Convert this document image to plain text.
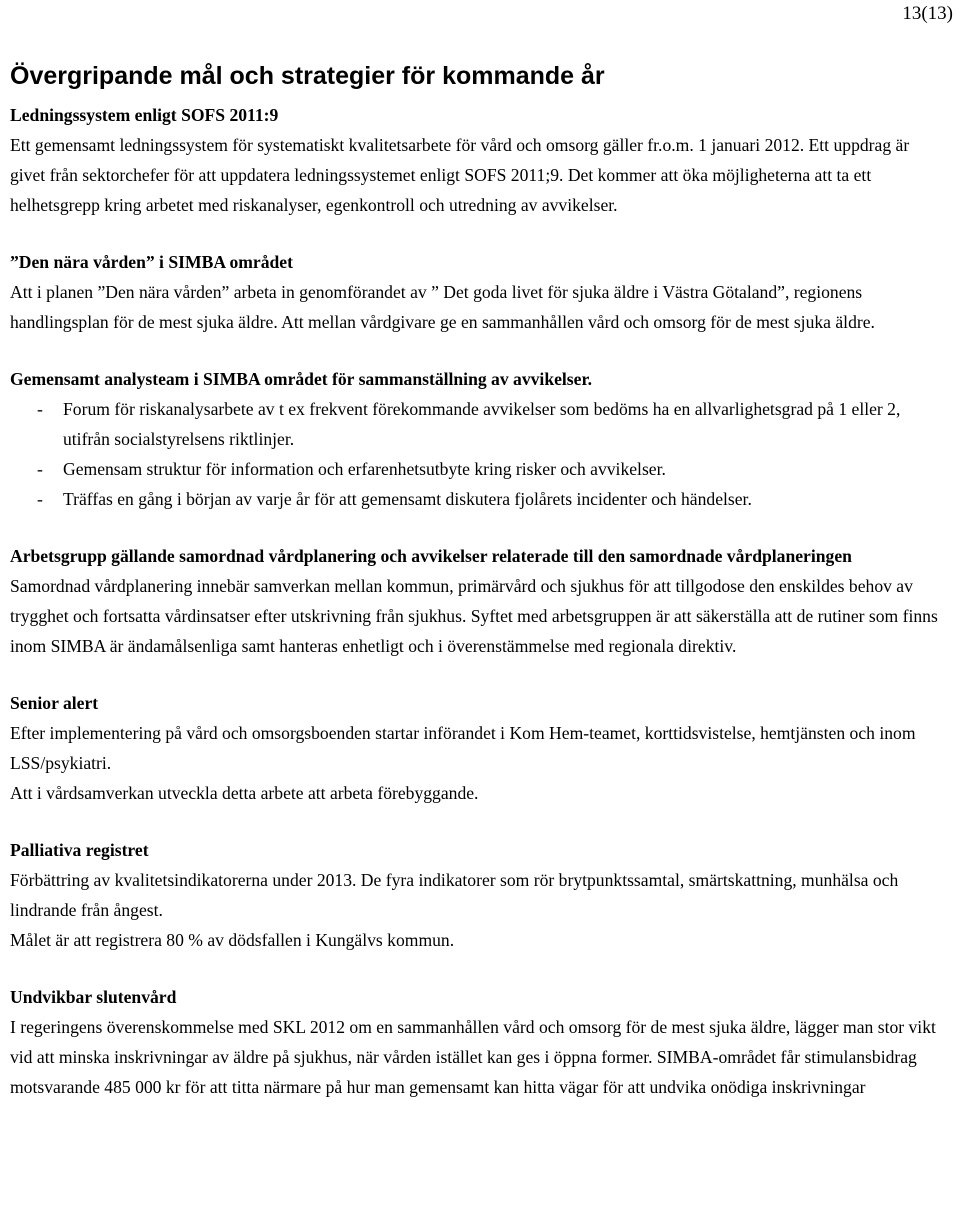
13(13)
Övergripande mål och strategier för kommande år

Ledningssystem enligt SOFS 2011:9

Ett gemensamt ledningssystem för systematiskt kvalitetsarbete för vård och omsorg gäller fr.o.m. 1 januari 2012. Ett uppdrag är givet från sektorchefer för att uppdatera ledningssystemet enligt SOFS 2011;9. Det kommer att öka möjligheterna att ta ett helhetsgrepp kring arbetet med riskanalyser, egenkontroll och utredning av avvikelser.

”Den nära vården” i SIMBA området

Att i planen ”Den nära vården” arbeta in genomförandet av ” Det goda livet för sjuka äldre i Västra Götaland”, regionens handlingsplan för de mest sjuka äldre. Att mellan vårdgivare ge en sammanhållen vård och omsorg för de mest sjuka äldre.

Gemensamt analysteam i SIMBA området för sammanställning av avvikelser.

- Forum för riskanalysarbete av t ex frekvent förekommande avvikelser som bedöms ha en allvarlighetsgrad på 1 eller 2, utifrån socialstyrelsens riktlinjer.
- Gemensam struktur för information och erfarenhetsutbyte kring risker och avvikelser.
- Träffas en gång i början av varje år för att gemensamt diskutera fjolårets incidenter och händelser.

Arbetsgrupp gällande samordnad vårdplanering och avvikelser relaterade till den samordnade vårdplaneringen

Samordnad vårdplanering innebär samverkan mellan kommun, primärvård och sjukhus för att tillgodose den enskildes behov av trygghet och fortsatta vårdinsatser efter utskrivning från sjukhus. Syftet med arbetsgruppen är att säkerställa att de rutiner som finns inom SIMBA är ändamålsenliga samt hanteras enhetligt och i överenstämmelse med regionala direktiv.

Senior alert

Efter implementering på vård och omsorgsboenden startar införandet i Kom Hem-teamet, korttidsvistelse, hemtjänsten och inom LSS/psykiatri.

Att i vårdsamverkan utveckla detta arbete att arbeta förebyggande.

Palliativa registret

Förbättring av kvalitetsindikatorerna under 2013. De fyra indikatorer som rör brytpunktssamtal, smärtskattning, munhälsa och lindrande från ångest.

Målet är att registrera 80 % av dödsfallen i Kungälvs kommun.

Undvikbar slutenvård

I regeringens överenskommelse med SKL 2012 om en sammanhållen vård och omsorg för de mest sjuka äldre, lägger man stor vikt vid att minska inskrivningar av äldre på sjukhus, när vården istället kan ges i öppna former. SIMBA-området får stimulansbidrag motsvarande 485 000 kr för att titta närmare på hur man gemensamt kan hitta vägar för att undvika onödiga inskrivningar
